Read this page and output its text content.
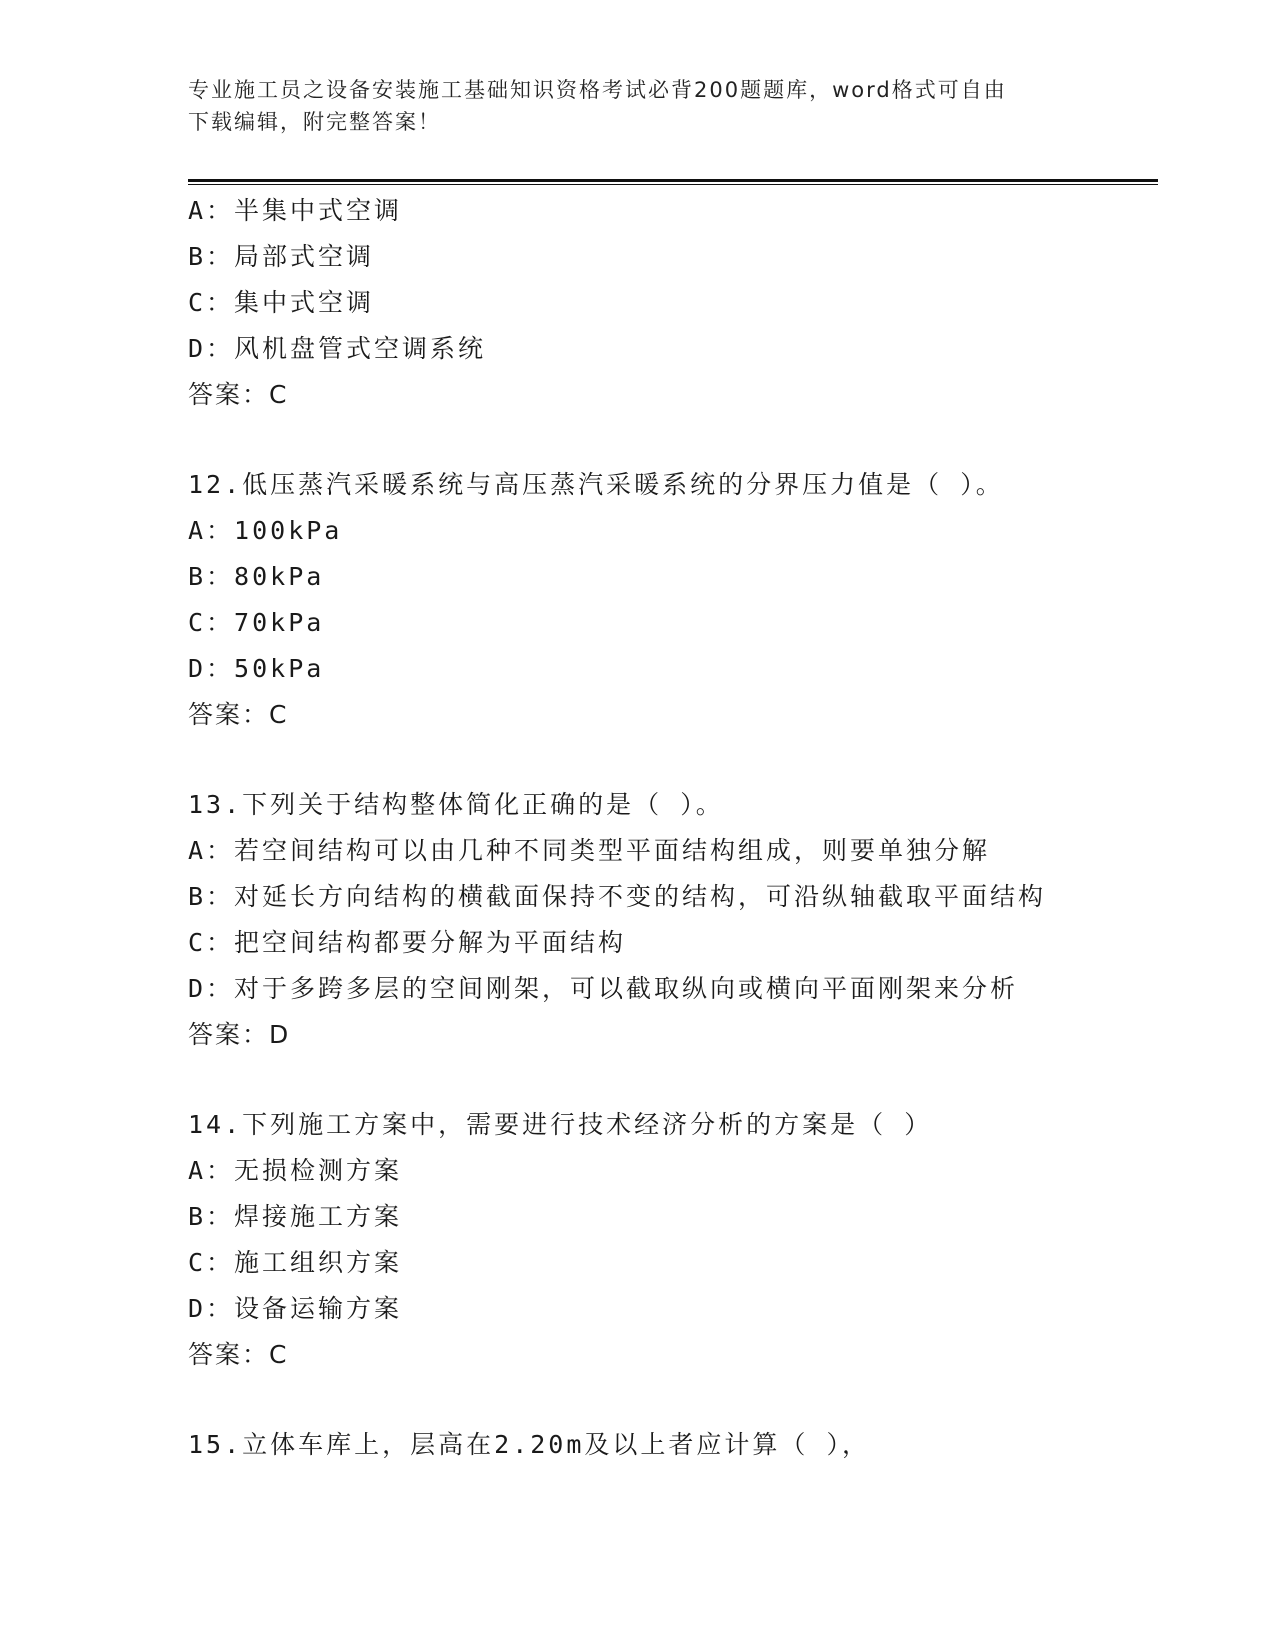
专业施工员之设备安装施工基础知识资格考试必背200题题库，word格式可自由
下载编辑，附完整答案！
A：半集中式空调
B：局部式空调
C：集中式空调
D：风机盘管式空调系统
答案：C
12.低压蒸汽采暖系统与高压蒸汽采暖系统的分界压力值是（ ）。
A：100kPa
B：80kPa
C：70kPa
D：50kPa
答案：C
13.下列关于结构整体简化正确的是（ ）。
A：若空间结构可以由几种不同类型平面结构组成，则要单独分解
B：对延长方向结构的横截面保持不变的结构，可沿纵轴截取平面结构
C：把空间结构都要分解为平面结构
D：对于多跨多层的空间刚架，可以截取纵向或横向平面刚架来分析
答案：D
14.下列施工方案中，需要进行技术经济分析的方案是（ ）
A：无损检测方案
B：焊接施工方案
C：施工组织方案
D：设备运输方案
答案：C
15.立体车库上，层高在2.20m及以上者应计算（ ），
